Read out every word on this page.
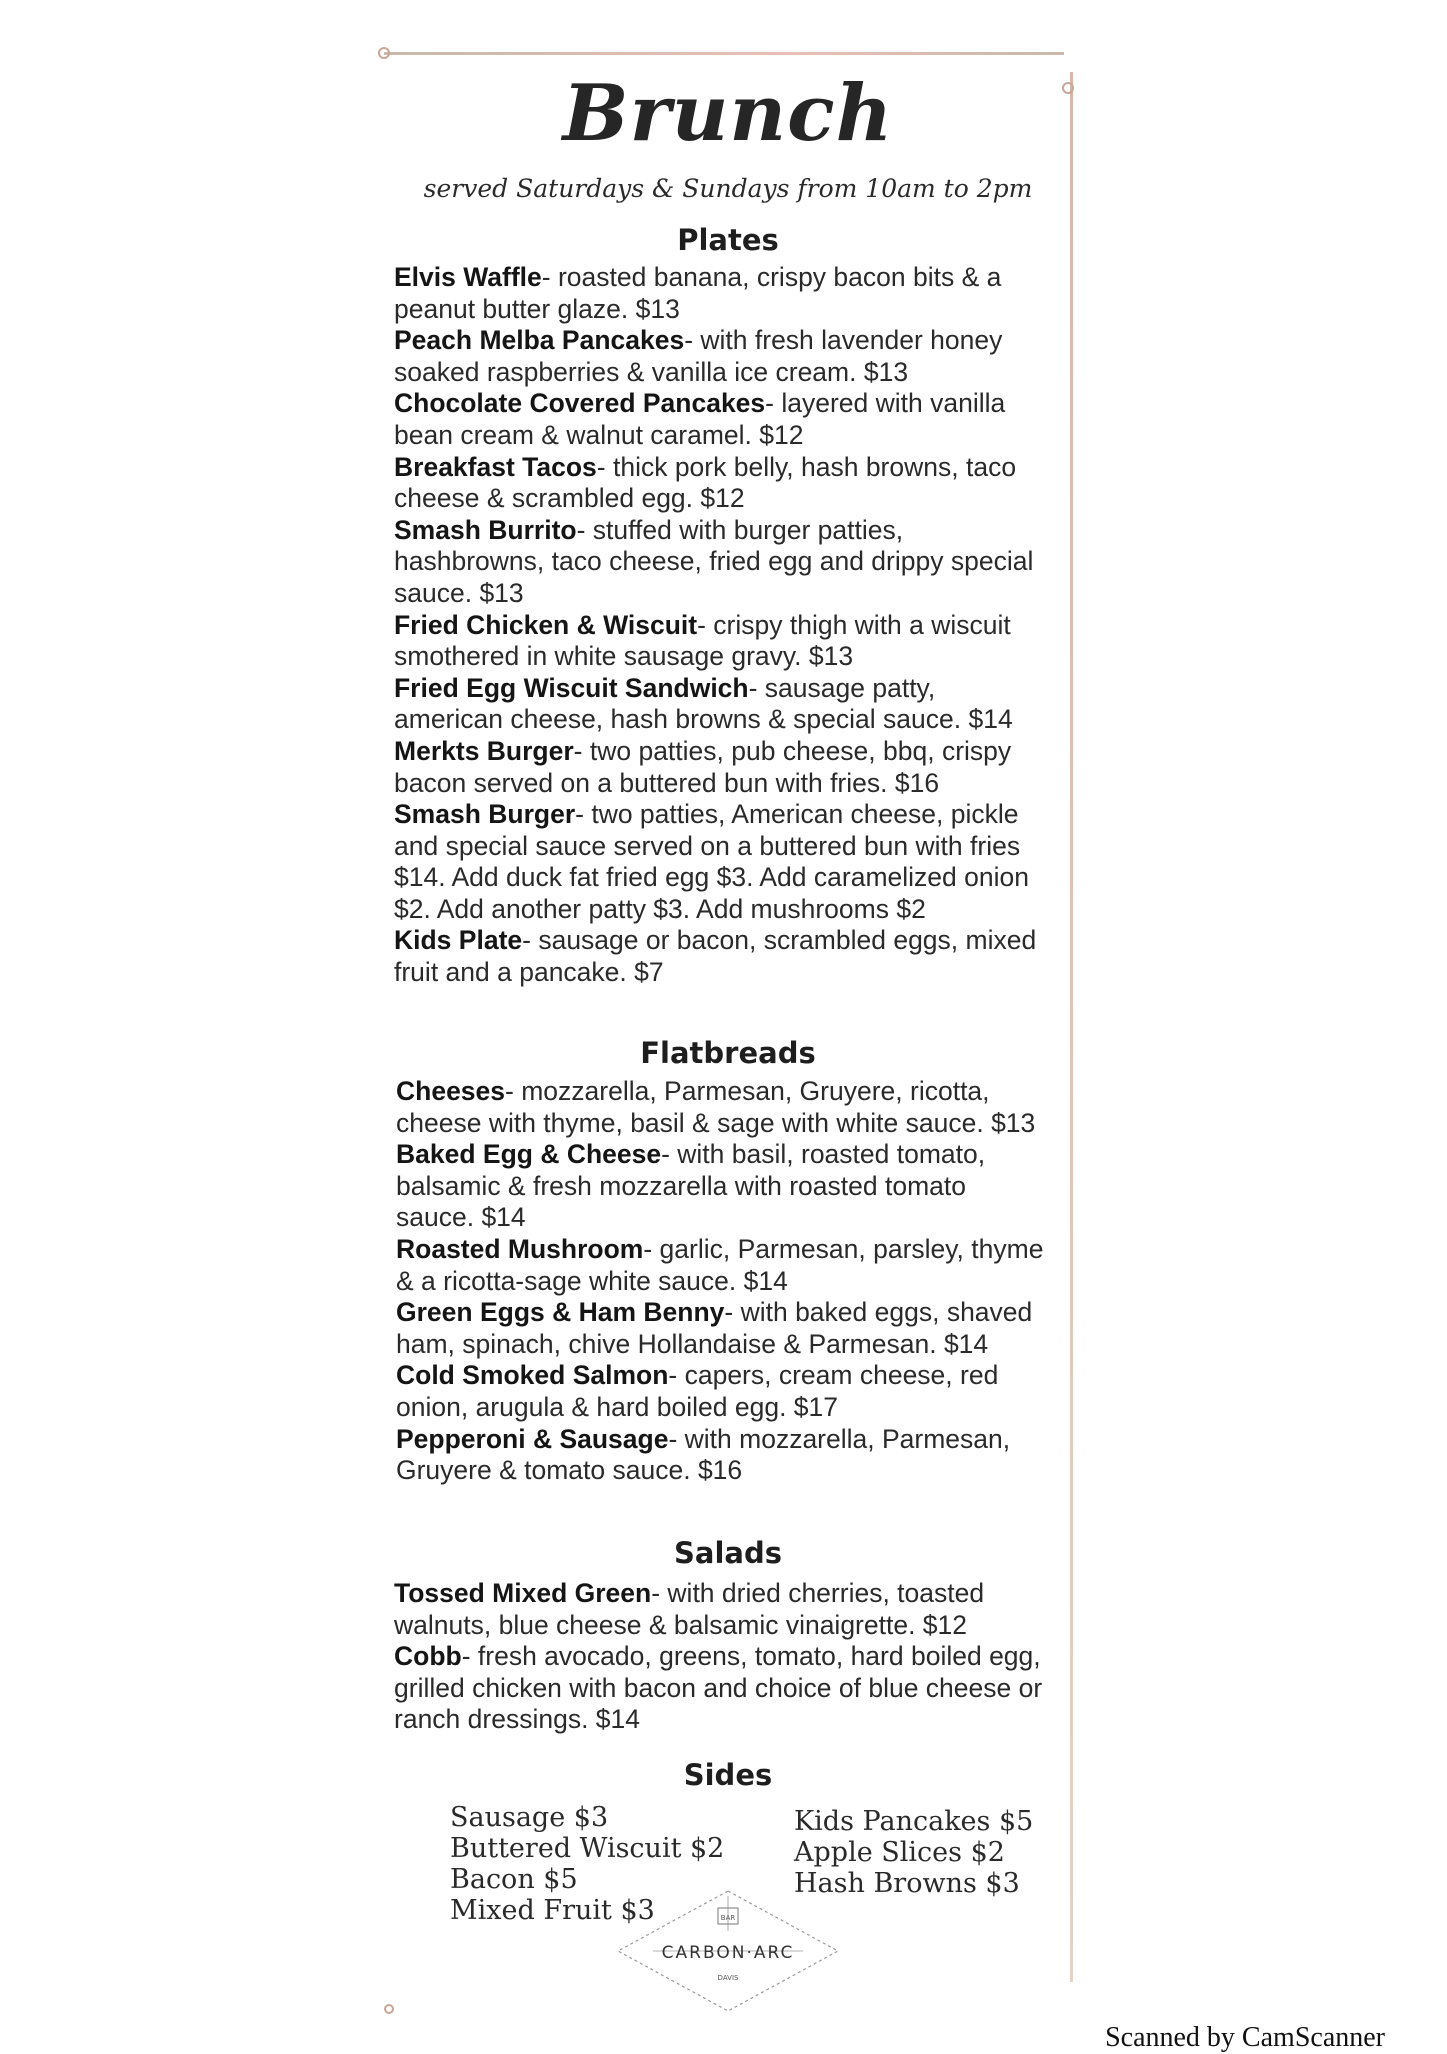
Brunch
served Saturdays & Sundays from 10am to 2pm
Plates
Elvis Waffle- roasted banana, crispy bacon bits & a peanut butter glaze. $13
Peach Melba Pancakes- with fresh lavender honey soaked raspberries & vanilla ice cream. $13
Chocolate Covered Pancakes- layered with vanilla bean cream & walnut caramel. $12
Breakfast Tacos- thick pork belly, hash browns, taco cheese & scrambled egg. $12
Smash Burrito- stuffed with burger patties, hashbrowns, taco cheese, fried egg and drippy special sauce. $13
Fried Chicken & Wiscuit- crispy thigh with a wiscuit smothered in white sausage gravy. $13
Fried Egg Wiscuit Sandwich- sausage patty, american cheese, hash browns & special sauce. $14
Merkts Burger- two patties, pub cheese, bbq, crispy bacon served on a buttered bun with fries. $16
Smash Burger- two patties, American cheese, pickle and special sauce served on a buttered bun with fries $14. Add duck fat fried egg $3. Add caramelized onion $2. Add another patty $3. Add mushrooms $2
Kids Plate- sausage or bacon, scrambled eggs, mixed fruit and a pancake. $7
Flatbreads
Cheeses- mozzarella, Parmesan, Gruyere, ricotta, cheese with thyme, basil & sage with white sauce. $13
Baked Egg & Cheese- with basil, roasted tomato, balsamic & fresh mozzarella with roasted tomato sauce. $14
Roasted Mushroom- garlic, Parmesan, parsley, thyme & a ricotta-sage white sauce. $14
Green Eggs & Ham Benny- with baked eggs, shaved ham, spinach, chive Hollandaise & Parmesan. $14
Cold Smoked Salmon- capers, cream cheese, red onion, arugula & hard boiled egg. $17
Pepperoni & Sausage- with mozzarella, Parmesan, Gruyere & tomato sauce. $16
Salads
Tossed Mixed Green- with dried cherries, toasted walnuts, blue cheese & balsamic vinaigrette. $12
Cobb- fresh avocado, greens, tomato, hard boiled egg, grilled chicken with bacon and choice of blue cheese or ranch dressings. $14
Sides
Sausage $3
Buttered Wiscuit $2
Bacon $5
Mixed Fruit $3
Kids Pancakes $5
Apple Slices $2
Hash Browns $3
BAR
CARBON·ARC
DAVIS
Scanned by CamScanner
